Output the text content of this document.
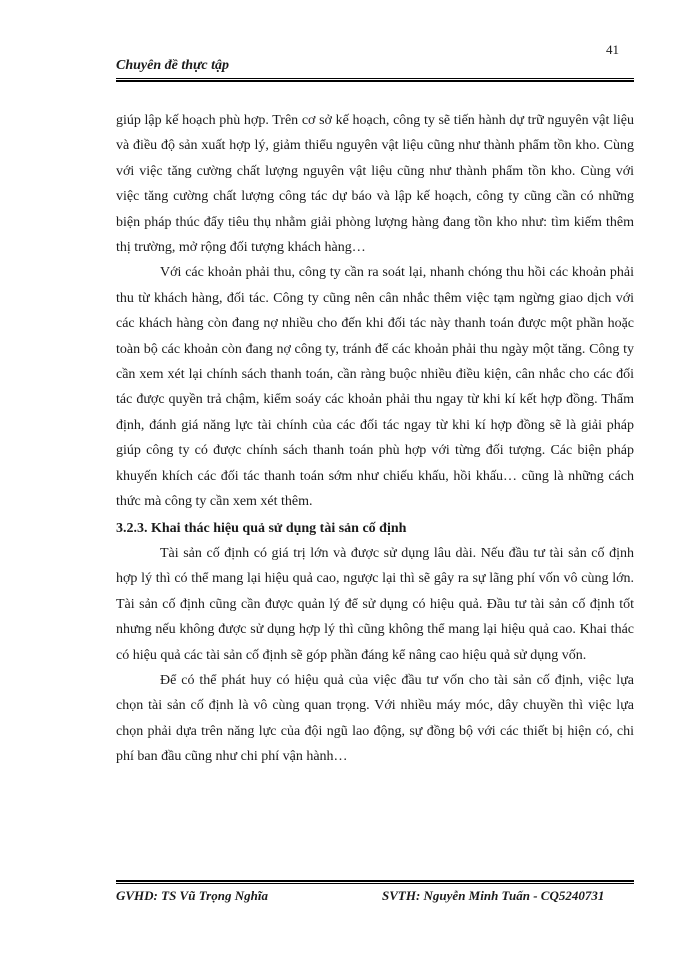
41
Chuyên đề thực tập

giúp lập kế hoạch phù hợp. Trên cơ sở kế hoạch, công ty sẽ tiến hành dự trữ nguyên vật liệu và điều độ sản xuất hợp lý, giảm thiểu nguyên vật liệu cũng như thành phẩm tồn kho. Cùng với việc tăng cường chất lượng nguyên vật liệu cũng như thành phẩm tồn kho. Cùng với việc tăng cường chất lượng công tác dự báo và lập kế hoạch, công ty cũng cần có những biện pháp thúc đẩy tiêu thụ nhằm giải phòng lượng hàng đang tồn kho như: tìm kiếm thêm thị trường, mở rộng đối tượng khách hàng…

Với các khoản phải thu, công ty cần ra soát lại, nhanh chóng thu hồi các khoản phải thu từ khách hàng, đối tác. Công ty cũng nên cân nhắc thêm việc tạm ngừng giao dịch với các khách hàng còn đang nợ nhiều cho đến khi đối tác này thanh toán được một phần hoặc toàn bộ các khoản còn đang nợ công ty, tránh để các khoản phải thu ngày một tăng. Công ty cần xem xét lại chính sách thanh toán, cần ràng buộc nhiều điều kiện, cân nhắc cho các đối tác được quyền trả chậm, kiểm soáy các khoản phải thu ngay từ khi kí kết hợp đồng. Thẩm định, đánh giá năng lực tài chính của các đối tác ngay từ khi kí hợp đồng sẽ là giải pháp giúp công ty có được chính sách thanh toán phù hợp với từng đối tượng. Các biện pháp khuyến khích các đối tác thanh toán sớm như chiếu khấu, hồi khấu… cũng là những cách thức mà công ty cần xem xét thêm.

3.2.3. Khai thác hiệu quả sử dụng tài sản cố định

Tài sản cố định có giá trị lớn và được sử dụng lâu dài. Nếu đầu tư tài sản cố định hợp lý thì có thể mang lại hiệu quả cao, ngược lại thì sẽ gây ra sự lãng phí vốn vô cùng lớn. Tài sản cố định cũng cần được quản lý để sử dụng có hiệu quả. Đầu tư tài sản cố định tốt nhưng nếu không được sử dụng hợp lý thì cũng không thể mang lại hiệu quả cao. Khai thác có hiệu quả các tài sản cố định sẽ góp phần đáng kể nâng cao hiệu quả sử dụng vốn.

Để có thể phát huy có hiệu quả của việc đầu tư vốn cho tài sản cố định, việc lựa chọn tài sản cố định là vô cùng quan trọng. Với nhiều máy móc, dây chuyền thì việc lựa chọn phải dựa trên năng lực của đội ngũ lao động, sự đồng bộ với các thiết bị hiện có, chi phí ban đầu cũng như chi phí vận hành…

GVHD: TS Vũ Trọng Nghĩa	SVTH: Nguyễn Minh Tuấn - CQ5240731
